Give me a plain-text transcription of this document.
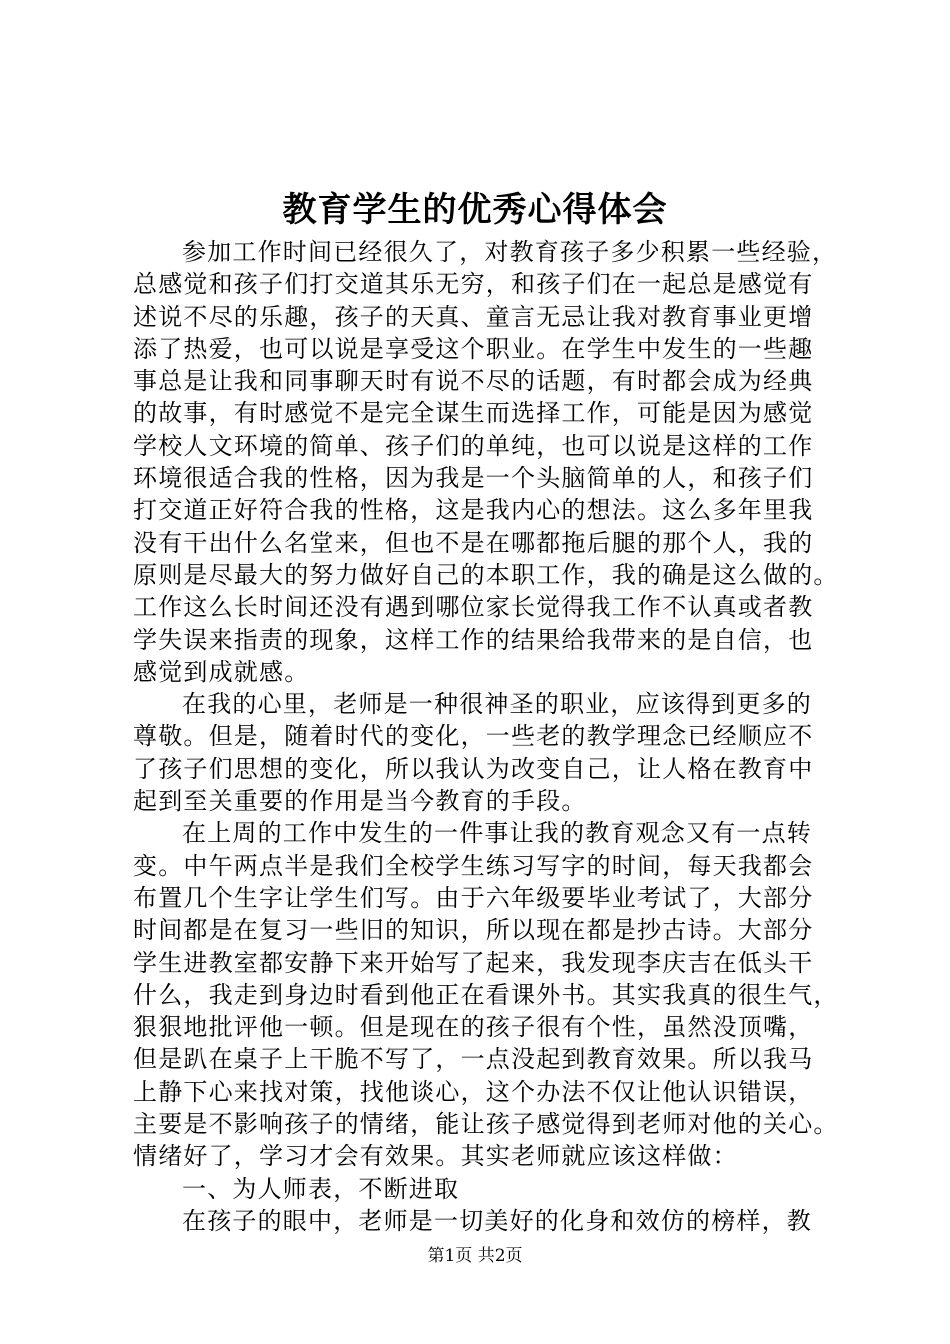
教育学生的优秀心得体会
参加工作时间已经很久了，对教育孩子多少积累一些经验，
总感觉和孩子们打交道其乐无穷，和孩子们在一起总是感觉有
述说不尽的乐趣，孩子的天真、童言无忌让我对教育事业更增
添了热爱，也可以说是享受这个职业。在学生中发生的一些趣
事总是让我和同事聊天时有说不尽的话题，有时都会成为经典
的故事，有时感觉不是完全谋生而选择工作，可能是因为感觉
学校人文环境的简单、孩子们的单纯，也可以说是这样的工作
环境很适合我的性格，因为我是一个头脑简单的人，和孩子们
打交道正好符合我的性格，这是我内心的想法。这么多年里我
没有干出什么名堂来，但也不是在哪都拖后腿的那个人，我的
原则是尽最大的努力做好自己的本职工作，我的确是这么做的。
工作这么长时间还没有遇到哪位家长觉得我工作不认真或者教
学失误来指责的现象，这样工作的结果给我带来的是自信，也
感觉到成就感。
在我的心里，老师是一种很神圣的职业，应该得到更多的
尊敬。但是，随着时代的变化，一些老的教学理念已经顺应不
了孩子们思想的变化，所以我认为改变自己，让人格在教育中
起到至关重要的作用是当今教育的手段。
在上周的工作中发生的一件事让我的教育观念又有一点转
变。中午两点半是我们全校学生练习写字的时间，每天我都会
布置几个生字让学生们写。由于六年级要毕业考试了，大部分
时间都是在复习一些旧的知识，所以现在都是抄古诗。大部分
学生进教室都安静下来开始写了起来，我发现李庆吉在低头干
什么，我走到身边时看到他正在看课外书。其实我真的很生气，
狠狠地批评他一顿。但是现在的孩子很有个性，虽然没顶嘴，
但是趴在桌子上干脆不写了，一点没起到教育效果。所以我马
上静下心来找对策，找他谈心，这个办法不仅让他认识错误，
主要是不影响孩子的情绪，能让孩子感觉得到老师对他的关心。
情绪好了，学习才会有效果。其实老师就应该这样做：
一、为人师表，不断进取
在孩子的眼中，老师是一切美好的化身和效仿的榜样，教
第1页 共2页
